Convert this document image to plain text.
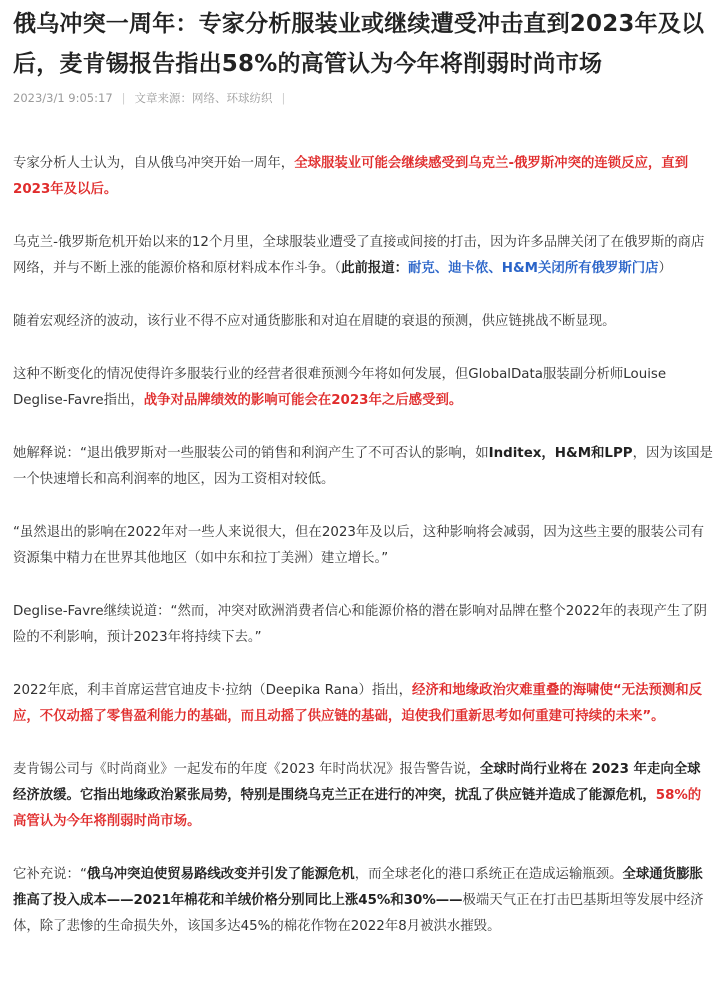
俄乌冲突一周年：专家分析服装业或继续遭受冲击直到2023年及以后，麦肯锡报告指出58%的高管认为今年将削弱时尚市场
2023/3/1 9:05:17 | 文章来源：网络、环球纺织 |

专家分析人士认为，自从俄乌冲突开始一周年，全球服装业可能会继续感受到乌克兰-俄罗斯冲突的连锁反应，直到2023年及以后。

乌克兰-俄罗斯危机开始以来的12个月里，全球服装业遭受了直接或间接的打击，因为许多品牌关闭了在俄罗斯的商店网络，并与不断上涨的能源价格和原材料成本作斗争。（此前报道：耐克、迪卡侬、H&M关闭所有俄罗斯门店）

随着宏观经济的波动，该行业不得不应对通货膨胀和对迫在眉睫的衰退的预测，供应链挑战不断显现。

这种不断变化的情况使得许多服装行业的经营者很难预测今年将如何发展，但GlobalData服装副分析师Louise Deglise-Favre指出，战争对品牌绩效的影响可能会在2023年之后感受到。

她解释说：“退出俄罗斯对一些服装公司的销售和利润产生了不可否认的影响，如Inditex，H&M和LPP，因为该国是一个快速增长和高利润率的地区，因为工资相对较低。

“虽然退出的影响在2022年对一些人来说很大，但在2023年及以后，这种影响将会减弱，因为这些主要的服装公司有资源集中精力在世界其他地区（如中东和拉丁美洲）建立增长。”

Deglise-Favre继续说道：“然而，冲突对欧洲消费者信心和能源价格的潜在影响对品牌在整个2022年的表现产生了阴险的不利影响，预计2023年将持续下去。”

2022年底，利丰首席运营官迪皮卡·拉纳（Deepika Rana）指出，经济和地缘政治灾难重叠的海啸使“无法预测和反应，不仅动摇了零售盈利能力的基础，而且动摇了供应链的基础，迫使我们重新思考如何重建可持续的未来”。

麦肯锡公司与《时尚商业》一起发布的年度《2023 年时尚状况》报告警告说，全球时尚行业将在 2023 年走向全球经济放缓。它指出地缘政治紧张局势，特别是围绕乌克兰正在进行的冲突，扰乱了供应链并造成了能源危机，58%的高管认为今年将削弱时尚市场。

它补充说：“俄乌冲突迫使贸易路线改变并引发了能源危机，而全球老化的港口系统正在造成运输瓶颈。全球通货膨胀推高了投入成本——2021年棉花和羊绒价格分别同比上涨45%和30%——极端天气正在打击巴基斯坦等发展中经济体，除了悲惨的生命损失外，该国多达45%的棉花作物在2022年8月被洪水摧毁。
